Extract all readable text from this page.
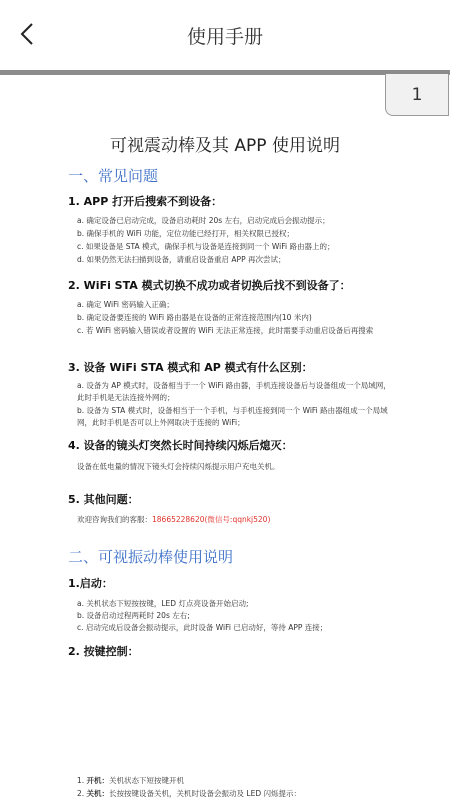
使用手册
可视震动棒及其 APP 使用说明
一、常见问题
1. APP 打开后搜索不到设备：
a. 确定设备已启动完成，设备启动耗时 20s 左右，启动完成后会振动提示；
b. 确保手机的 WiFi 功能，定位功能已经打开，相关权限已授权；
c. 如果设备是 STA 模式，确保手机与设备是连接到同一个 WiFi 路由器上的；
d. 如果仍然无法扫描到设备，请重启设备重启 APP 再次尝试；
2. WiFi STA 模式切换不成功或者切换后找不到设备了：
a. 确定 WiFi 密码输入正确；
b. 确定设备要连接的 WiFi 路由器是在设备的正常连接范围内(10 米内)
c. 若 WiFi 密码输入错误或者设置的 WiFi 无法正常连接，此时需要手动重启设备后再搜索
3. 设备 WiFi STA 模式和 AP 模式有什么区别：
a. 设备为 AP 模式时，设备相当于一个 WiFi 路由器，手机连接设备后与设备组成一个局域网，此时手机是无法连接外网的；
b. 设备为 STA 模式时，设备相当于一个手机，与手机连接到同一个 WiFi 路由器组成一个局域网，此时手机是否可以上外网取决于连接的 WiFi；
4. 设备的镜头灯突然长时间持续闪烁后熄灭：
设备在低电量的情况下镜头灯会持续闪烁提示用户充电关机。
5. 其他问题：
欢迎咨询我们的客服：18665228620(微信号:qqnkj520)
二、可视振动棒使用说明
1.启动：
a. 关机状态下短按按键，LED 灯点亮设备开始启动;
b. 设备启动过程两耗时 20s 左右;
c. 启动完成后设备会振动提示，此时设备 WiFi 已启动好，等待 APP 连接；
2. 按键控制：
1. 开机：关机状态下短按键开机
2. 关机：长按按键设备关机，关机时设备会振动及 LED 闪烁提示：
1
